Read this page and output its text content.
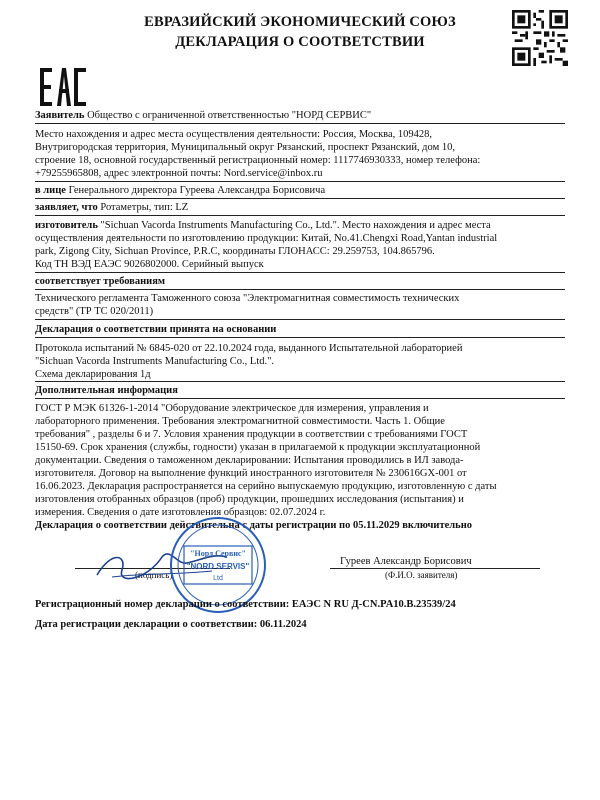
ЕВРАЗИЙСКИЙ ЭКОНОМИЧЕСКИЙ СОЮЗ
ДЕКЛАРАЦИЯ О СООТВЕТСТВИИ
Заявитель Общество с ограниченной ответственностью "НОРД СЕРВИС"
Место нахождения и адрес места осуществления деятельности: Россия, Москва, 109428,
Внутригородская территория, Муниципальный округ Рязанский, проспект Рязанский, дом 10,
строение 18, основной государственный регистрационный номер: 1117746930333, номер телефона:
+79255965808, адрес электронной почты: Nord.service@inbox.ru
в лице Генерального директора Гуреева Александра Борисовича
заявляет, что Ротаметры, тип: LZ
изготовитель "Sichuan Vacorda Instruments Manufacturing Co., Ltd.". Место нахождения и адрес места
осуществления деятельности по изготовлению продукции: Китай, No.41.Chengxi Road,Yantan industrial
park, Zigong City, Sichuan Province, P.R.C, координаты ГЛОНАСС: 29.259753, 104.865796.
Код ТН ВЭД ЕАЭС 9026802000. Серийный выпуск
соответствует требованиям
Технического регламента Таможенного союза "Электромагнитная совместимость технических
средств" (ТР ТС 020/2011)
Декларация о соответствии принята на основании
Протокола испытаний № 6845-020 от 22.10.2024 года, выданного Испытательной лабораторией
"Sichuan Vacorda Instruments Manufacturing Co., Ltd.".
Схема декларирования 1д
Дополнительная информация
ГОСТ Р МЭК 61326-1-2014 "Оборудование электрическое для измерения, управления и
лабораторного применения. Требования электромагнитной совместимости. Часть 1. Общие
требования" , разделы 6 и 7. Условия хранения продукции в соответствии с требованиями ГОСТ
15150-69. Срок хранения (службы, годности) указан в прилагаемой к продукции эксплуатационной
документации. Сведения о таможенном декларировании: Испытания проводились в ИЛ завода-
изготовителя. Договор на выполнение функций иностранного изготовителя № 230616GX-001 от
16.06.2023. Декларация распространяется на серийно выпускаемую продукцию, изготовленную с даты
изготовления отобранных образцов (проб) продукции, прошедших исследования (испытания) и
измерения. Сведения о дате изготовления образцов: 02.07.2024 г.
Декларация о соответствии действительна с даты регистрации по 05.11.2029 включительно
(подпись)
Гуреев Александр Борисович
(Ф.И.О. заявителя)
"Норд Сервис"
"NORD SERVIS"
Ltd
Регистрационный номер декларации о соответствии: ЕАЭС N RU Д-CN.PA10.B.23539/24
Дата регистрации декларации о соответствии: 06.11.2024
